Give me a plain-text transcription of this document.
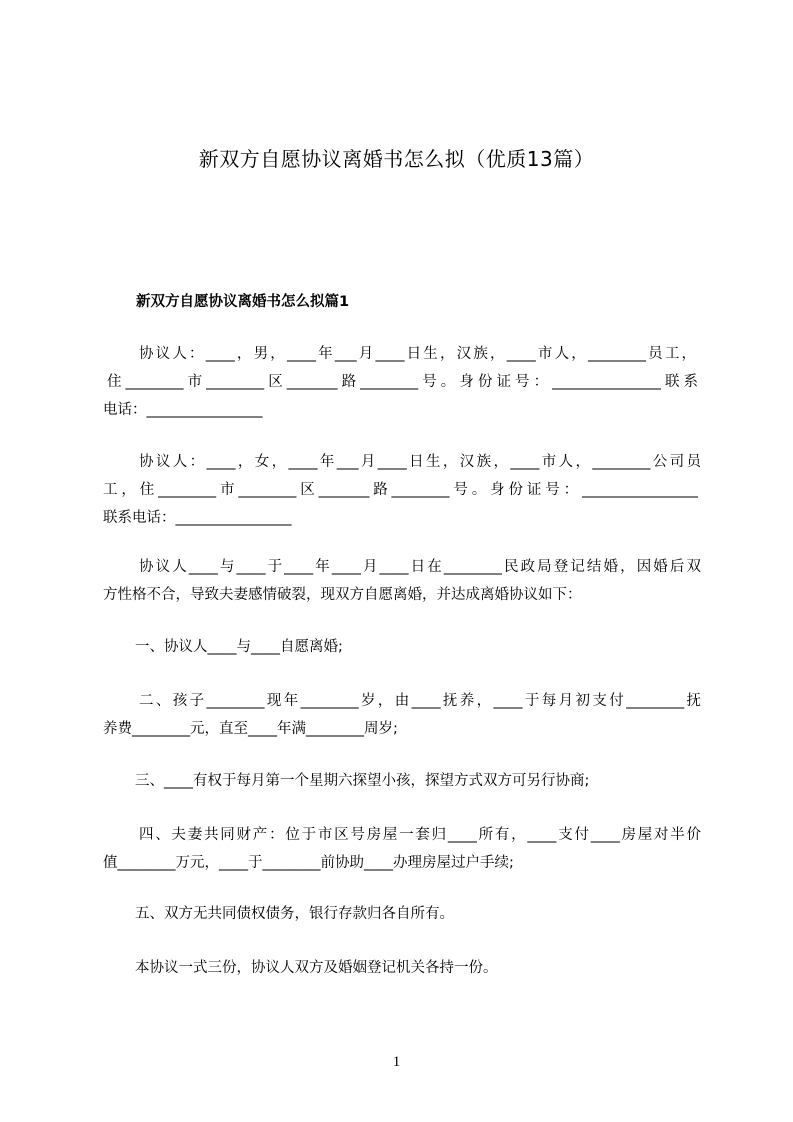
新双方自愿协议离婚书怎么拟（优质13篇）
新双方自愿协议离婚书怎么拟篇1
协议人：____，男，____年___月____日生，汉族，____市人，________员工，
住________市________区_______路________号。身份证号：_______________联系
电话：________________
协议人：____，女，____年___月____日生，汉族，____市人，________公司员
工，住________市________区_______路________号。身份证号：________________
联系电话：________________
协议人____与____于____年____月____日在________民政局登记结婚，因婚后双
方性格不合，导致夫妻感情破裂，现双方自愿离婚，并达成离婚协议如下：
一、协议人____与____自愿离婚;
二、孩子________现年________岁，由____抚养，____于每月初支付________抚
养费________元，直至____年满________周岁;
三、____有权于每月第一个星期六探望小孩，探望方式双方可另行协商;
四、夫妻共同财产：位于市区号房屋一套归____所有，____支付____房屋对半价
值________万元，____于________前协助____办理房屋过户手续;
五、双方无共同债权债务，银行存款归各自所有。
本协议一式三份，协议人双方及婚姻登记机关各持一份。
1
